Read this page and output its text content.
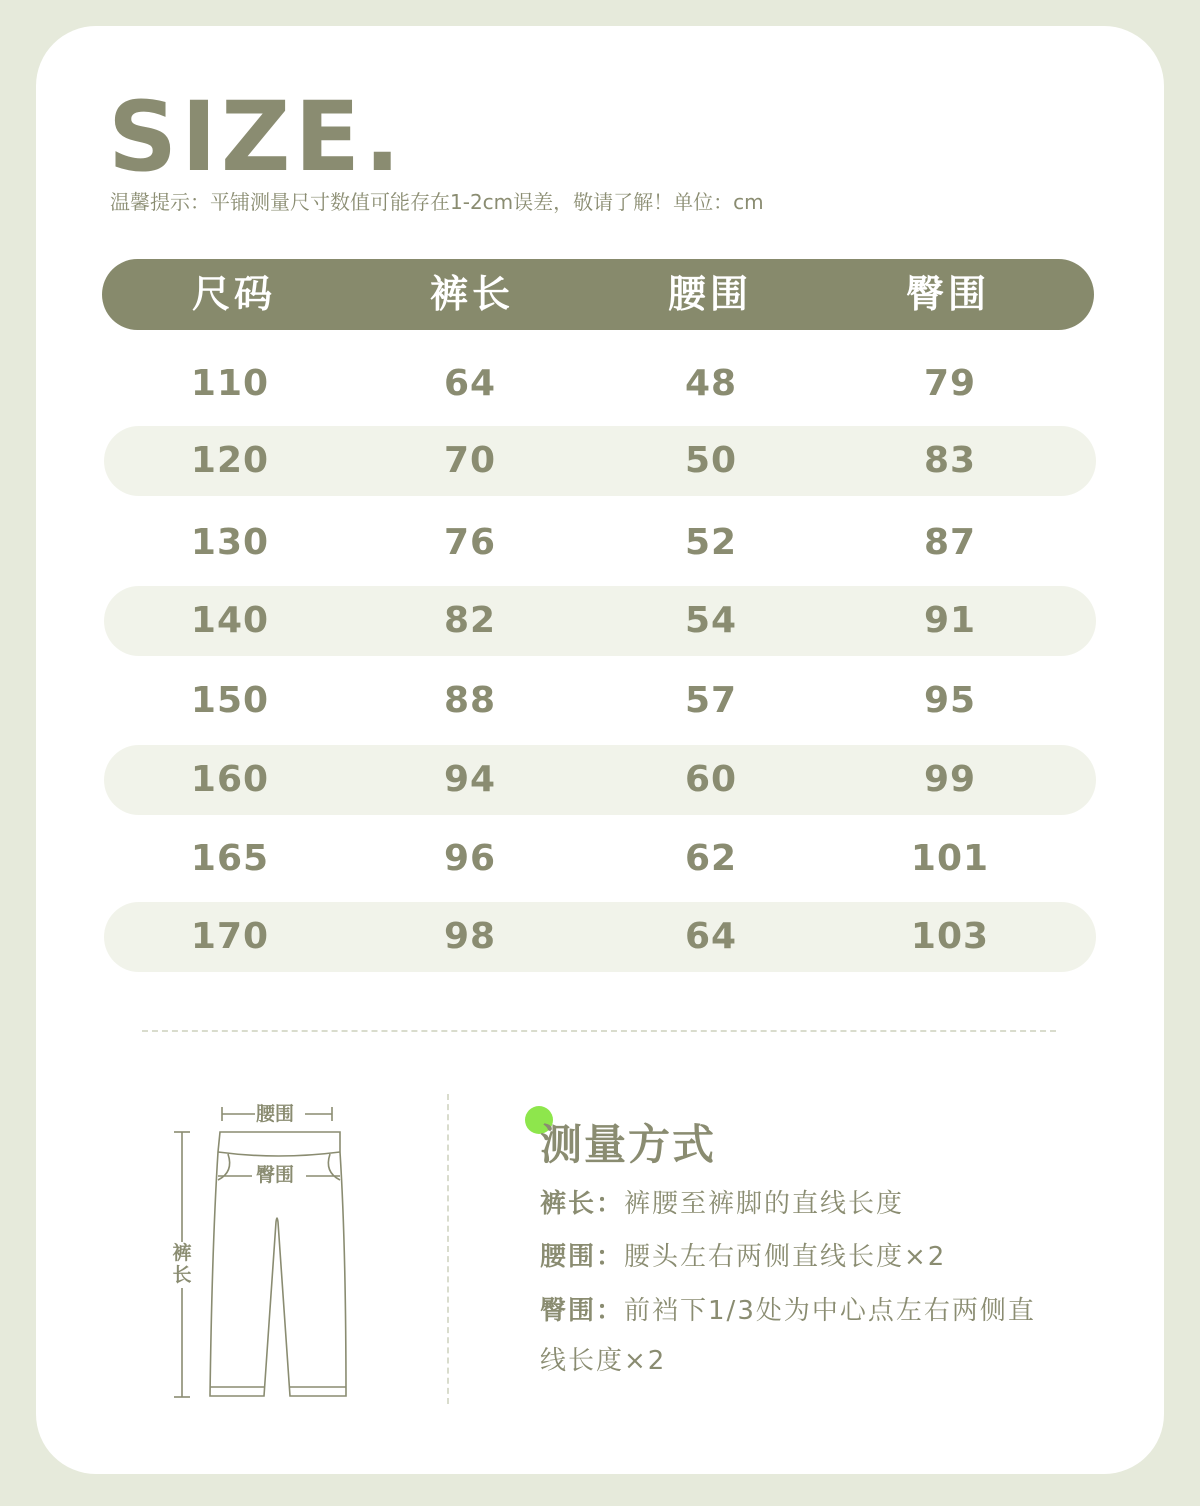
SIZE.
温馨提示：平铺测量尺寸数值可能存在1-2cm误差，敬请了解！单位：cm
尺码	裤长	腰围	臀围
110	64	48	79
120	70	50	83
130	76	52	87
140	82	54	91
150	88	57	95
160	94	60	99
165	96	62	101
170	98	64	103
腰围
臀围
裤长
测量方式
裤长：裤腰至裤脚的直线长度
腰围：腰头左右两侧直线长度×2
臀围：前裆下1/3处为中心点左右两侧直线长度×2
